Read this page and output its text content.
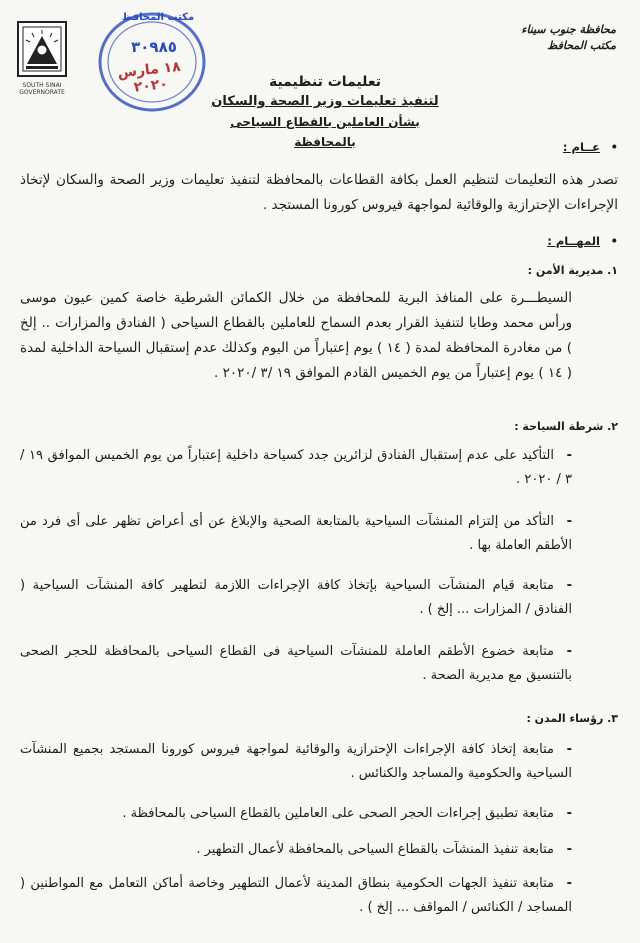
محافظة جنوب سيناء
مكتب المحافظ
SOUTH SINAI GOVERNORATE
مكتب المحافظ
٣٠٩٨٥
١٨ مارس ٢٠٢٠	تعليمات تنظيمية
لتنفيذ تعليمات وزير الصحة والسكان
بشأن العاملين بالقطاع السياحى بالمحافظة	•عــام :
تصدر هذه التعليمات لتنظيم العمل بكافة القطاعات بالمحافظة لتنفيذ تعليمات وزير الصحة والسكان لإتخاذ الإجراءات الإحترازية والوقائية لمواجهة فيروس كورونا المستجد .
•المهــام :
١. مديرية الأمن :
السيطـــرة على المنافذ البرية للمحافظة من خلال الكمائن الشرطية خاصة كمين عيون موسى ورأس محمد وطابا لتنفيذ القرار بعدم السماح للعاملين بالقطاع السياحى ( الفنادق والمزارات .. إلخ ) من مغادرة المحافظة لمدة ( ١٤ ) يوم إعتباراً من اليوم وكذلك عدم إستقبال السياحة الداخلية لمدة ( ١٤ ) يوم إعتباراً من يوم الخميس القادم الموافق ١٩ /٣ /٢٠٢٠ .
٢. شرطة السياحة :
-التأكيد على عدم إستقبال الفنادق لزائرين جدد كسياحة داخلية إعتباراً من يوم الخميس الموافق ١٩ / ٣ / ٢٠٢٠ .
-التأكد من إلتزام المنشآت السياحية بالمتابعة الصحية والإبلاغ عن أى أعراض تظهر على أى فرد من الأطقم العاملة بها .
-متابعة قيام المنشآت السياحية بإتخاذ كافة الإجراءات اللازمة لتطهير كافة المنشآت السياحية ( الفنادق / المزارات ... إلخ ) .
-متابعة خضوع الأطقم العاملة للمنشآت السياحية فى القطاع السياحى بالمحافظة للحجر الصحى بالتنسيق مع مديرية الصحة .
٣. رؤساء المدن :
-متابعة إتخاذ كافة الإجراءات الإحترازية والوقائية لمواجهة فيروس كورونا المستجد بجميع المنشآت السياحية والحكومية والمساجد والكنائس .
-متابعة تطبيق إجراءات الحجر الصحى على العاملين بالقطاع السياحى بالمحافظة .
-متابعة تنفيذ المنشآت بالقطاع السياحى بالمحافظة لأعمال التطهير .
-متابعة تنفيذ الجهات الحكومية بنطاق المدينة لأعمال التطهير وخاصة أماكن التعامل مع المواطنين ( المساجد / الكنائس / المواقف ... إلخ ) .
